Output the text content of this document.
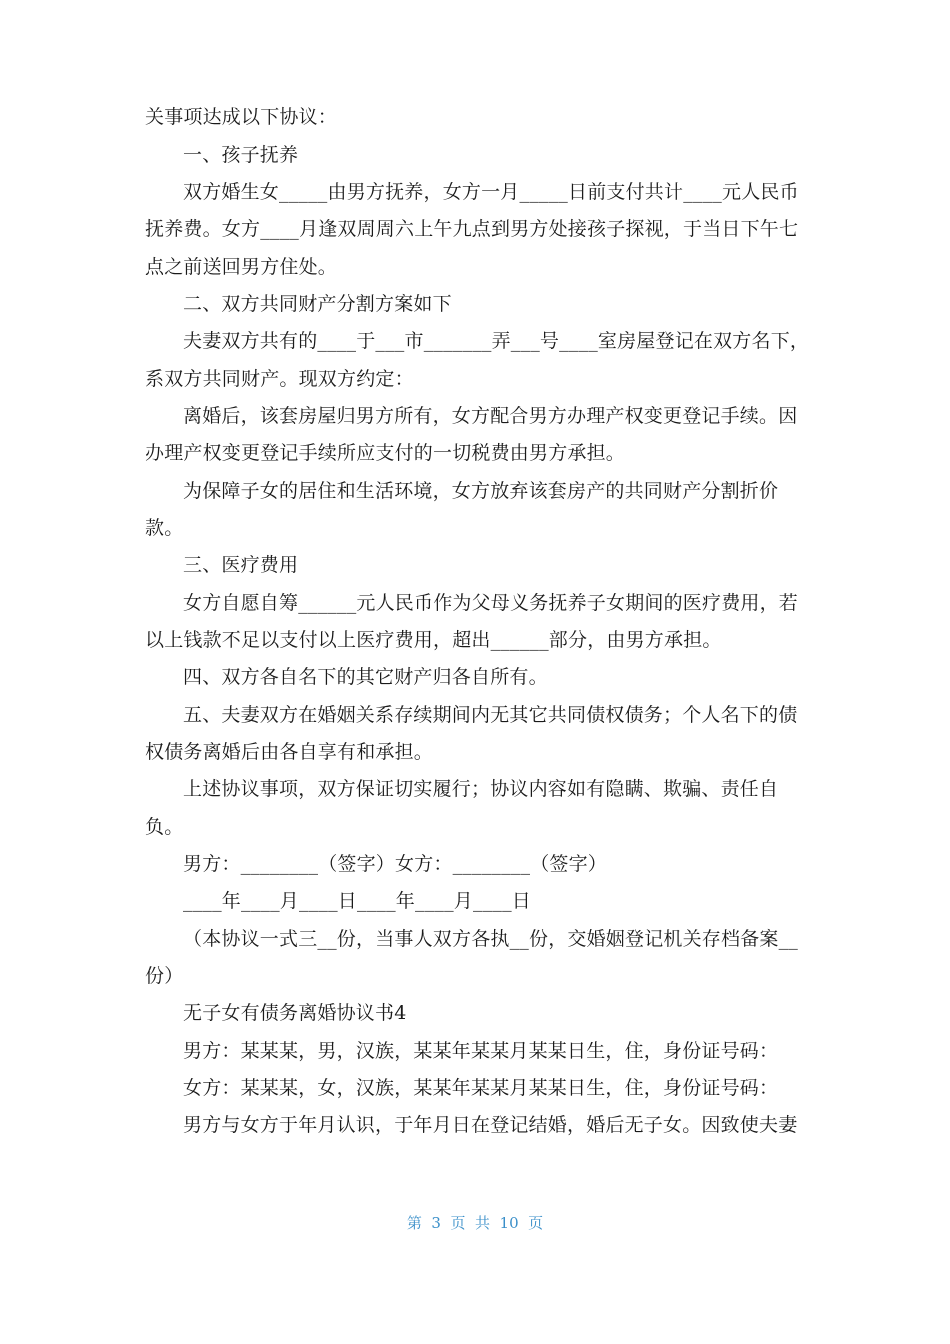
关事项达成以下协议：
一、孩子抚养
双方婚生女_____由男方抚养，女方一月_____日前支付共计____元人民币
抚养费。女方____月逢双周周六上午九点到男方处接孩子探视，于当日下午七
点之前送回男方住处。
二、双方共同财产分割方案如下
夫妻双方共有的____于___市_______弄___号____室房屋登记在双方名下，
系双方共同财产。现双方约定：
离婚后，该套房屋归男方所有，女方配合男方办理产权变更登记手续。因
办理产权变更登记手续所应支付的一切税费由男方承担。
为保障子女的居住和生活环境，女方放弃该套房产的共同财产分割折价
款。
三、医疗费用
女方自愿自筹______元人民币作为父母义务抚养子女期间的医疗费用，若
以上钱款不足以支付以上医疗费用，超出______部分，由男方承担。
四、双方各自名下的其它财产归各自所有。
五、夫妻双方在婚姻关系存续期间内无其它共同债权债务；个人名下的债
权债务离婚后由各自享有和承担。
上述协议事项，双方保证切实履行；协议内容如有隐瞒、欺骗、责任自
负。
男方：________（签字）女方：________（签字）
____年____月____日____年____月____日
（本协议一式三__份，当事人双方各执__份，交婚姻登记机关存档备案__
份）
无子女有债务离婚协议书4
男方：某某某，男，汉族，某某年某某月某某日生，住，身份证号码：
女方：某某某，女，汉族，某某年某某月某某日生，住，身份证号码：
男方与女方于年月认识，于年月日在登记结婚，婚后无子女。因致使夫妻
第  3  页  共  10  页
